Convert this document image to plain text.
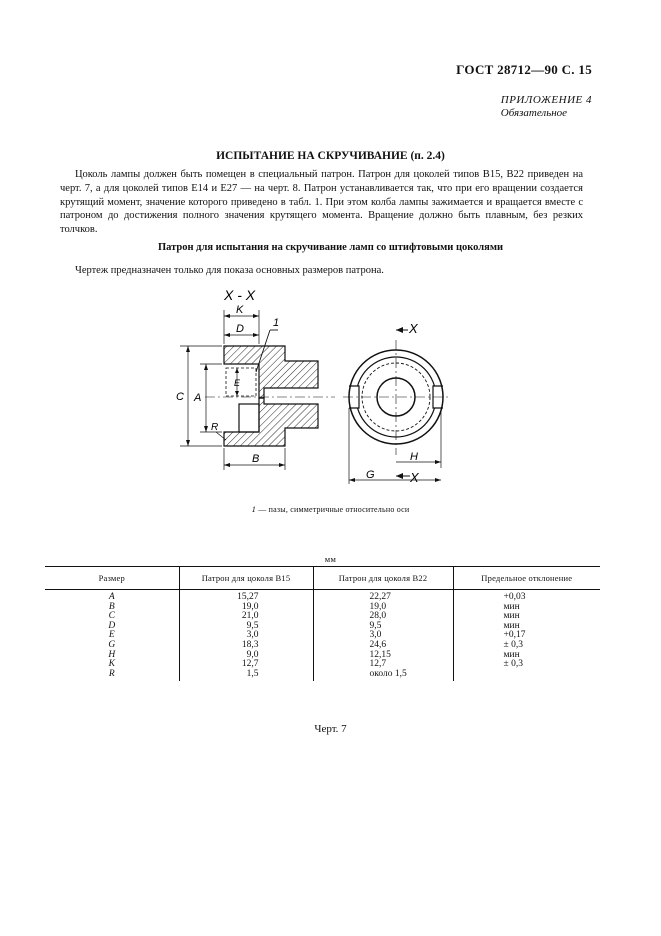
ГОСТ 28712—90 С. 15
ПРИЛОЖЕНИЕ 4
Обязательное
ИСПЫТАНИЕ НА СКРУЧИВАНИЕ (п. 2.4)
Цоколь лампы должен быть помещен в специальный патрон. Патрон для цоколей типов В15, В22 приведен на черт. 7, а для цоколей типов Е14 и Е27 — на черт. 8. Патрон устанавливается так, что при его вращении создается крутящий момент, значение которого приведено в табл. 1. При этом колба лампы зажимается и вращается вместе с патроном до достижения полного значения крутящего момента. Вращение должно быть плавным, без резких толчков.
Патрон для испытания на скручивание ламп со штифтовыми цоколями
Чертеж предназначен только для показа основных размеров патрона.
X - X
1
K
D
C A
E
R
B
X
X
H
G
1 — пазы, симметричные относительно оси
мм
Размер	Патрон для цоколя В15	Патрон для цоколя В22	Предельное отклонение
A	15,27	22,27	+0,03
B	19,0	19,0	мин
C	21,0	28,0	мин
D	9,5	9,5	мин
E	3,0	3,0	+0,17
G	18,3	24,6	± 0,3
H	9,0	12,15	мин
K	12,7	12,7	± 0,3
R	1,5	около 1,5	
Черт. 7
